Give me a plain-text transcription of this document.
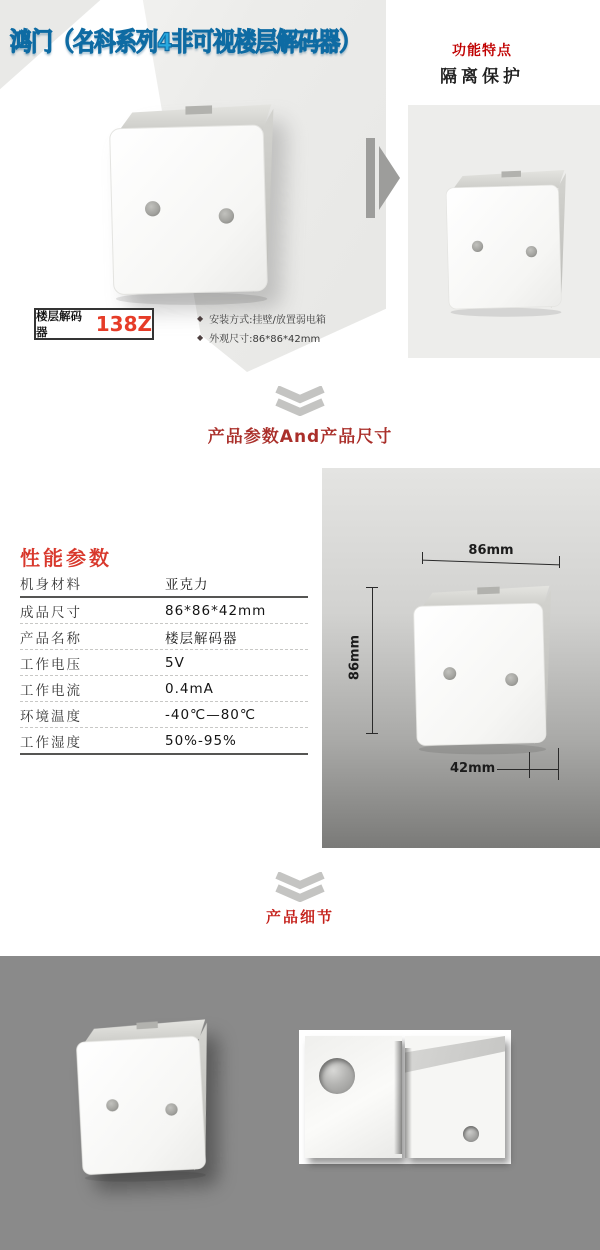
鸿门（名科系列4非可视楼层解码器）
楼层解码器	138Z	◆ 安装方式:挂壁/放置弱电箱
◆ 外观尺寸:86*86*42mm
功能特点
隔离保护
产品参数And产品尺寸
性能参数
机身材料	亚克力
成品尺寸	86*86*42mm
产品名称	楼层解码器
工作电压	5V
工作电流	0.4mA
环境温度	-40℃—80℃
工作湿度	50%-95%
86mm
86mm
42mm
产品细节
